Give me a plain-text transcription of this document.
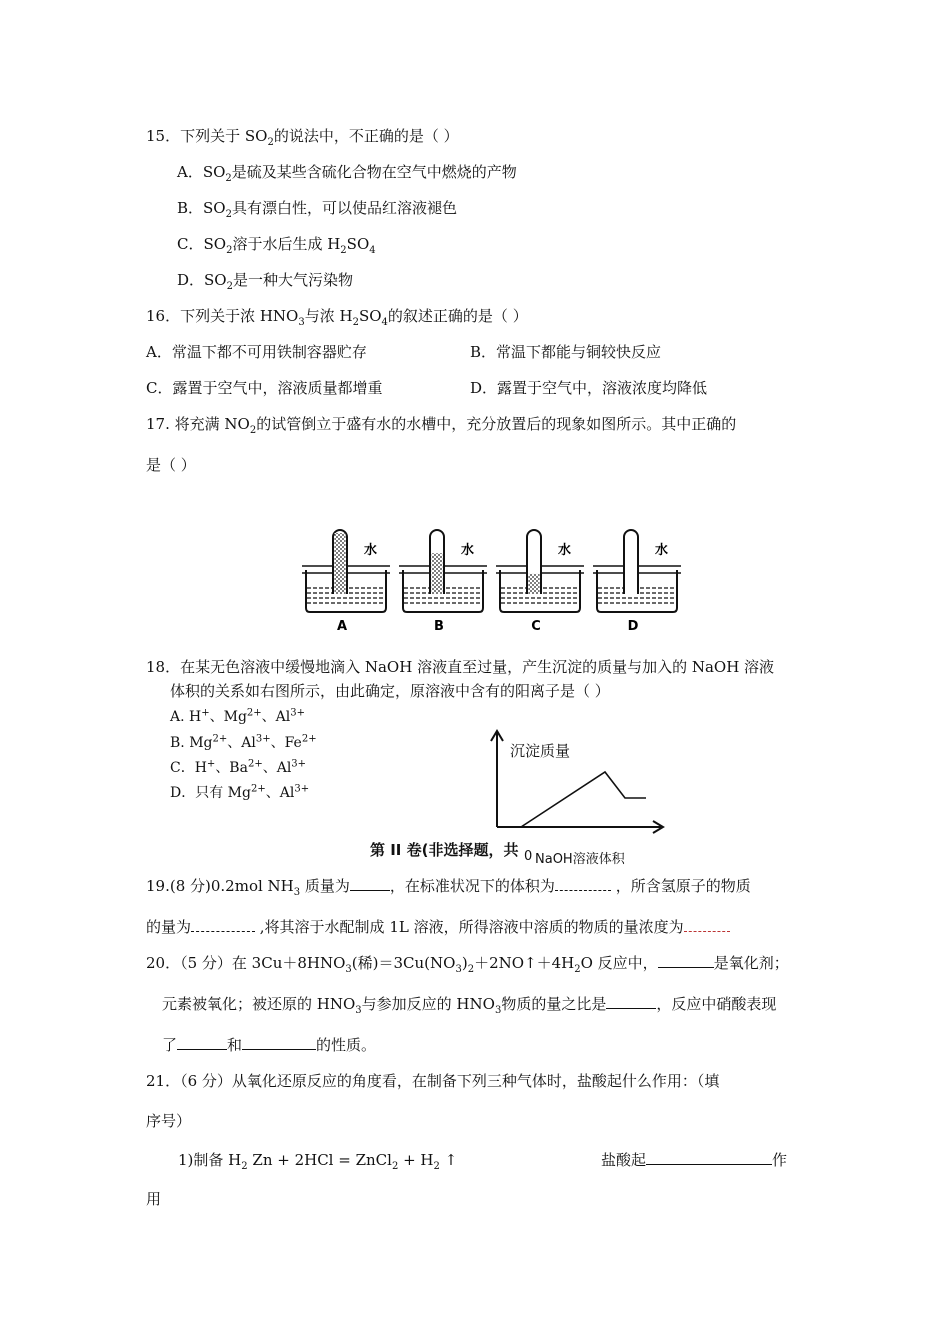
15．下列关于 $SO_2$的说法中，不正确的是（ ）
A．$SO_2$是硫及某些含硫化合物在空气中燃烧的产物
B．$SO_2$具有漂白性，可以使品红溶液褪色
C．$SO_2$溶于水后生成 $H_2SO_4$
D．$SO_2$是一种大气污染物
16．下列关于浓 $HNO_3$与浓 $H_2SO_4$的叙述正确的是（ ）
A．常温下都不可用铁制容器贮存	B．常温下都能与铜较快反应
C．露置于空气中，溶液质量都增重	D．露置于空气中，溶液浓度均降低
17. 将充满 $NO_2$的试管倒立于盛有水的水槽中，充分放置后的现象如图所示。其中正确的
是（ ）
水
A
水
B
水
C
水
D
18．在某无色溶液中缓慢地滴入 NaOH 溶液直至过量，产生沉淀的质量与加入的 NaOH 溶液
体积的关系如右图所示，由此确定，原溶液中含有的阳离子是（ ）
A. H+、$Mg^{2+}$、$Al^{3+}$
B. $Mg^{2+}$、$Al^{3+}$、$Fe^{2+}$
C．H+、$Ba^{2+}$、$Al^{3+}$
D．只有 $Mg^{2+}$、$Al^{3+}$
沉淀质量
0 NaOH溶液体积
第 II 卷(非选择题，共
19.(8 分)0.2mol $NH_3$ 质量为	，在标准状况下的体积为	，所含氢原子的物质
的量为	,将其溶于水配制成 1L 溶液，所得溶液中溶质的物质的量浓度为
20．（5 分）在 $3Cu+8HNO_3$(稀)$=3Cu(NO_3)_2+2NO↑+4H_2O$ 反应中，	是氧化剂；
元素被氧化；被还原的 $HNO_3$与参加反应的 $HNO_3$物质的量之比是	，反应中硝酸表现
了	和	的性质。
21．（6 分）从氧化还原反应的角度看，在制备下列三种气体时，盐酸起什么作用：（填
序号）
1)制备 $H_2$ Zn + 2HCl = ZnCl$_2$ + $H_2$ ↑	盐酸起	作
用
